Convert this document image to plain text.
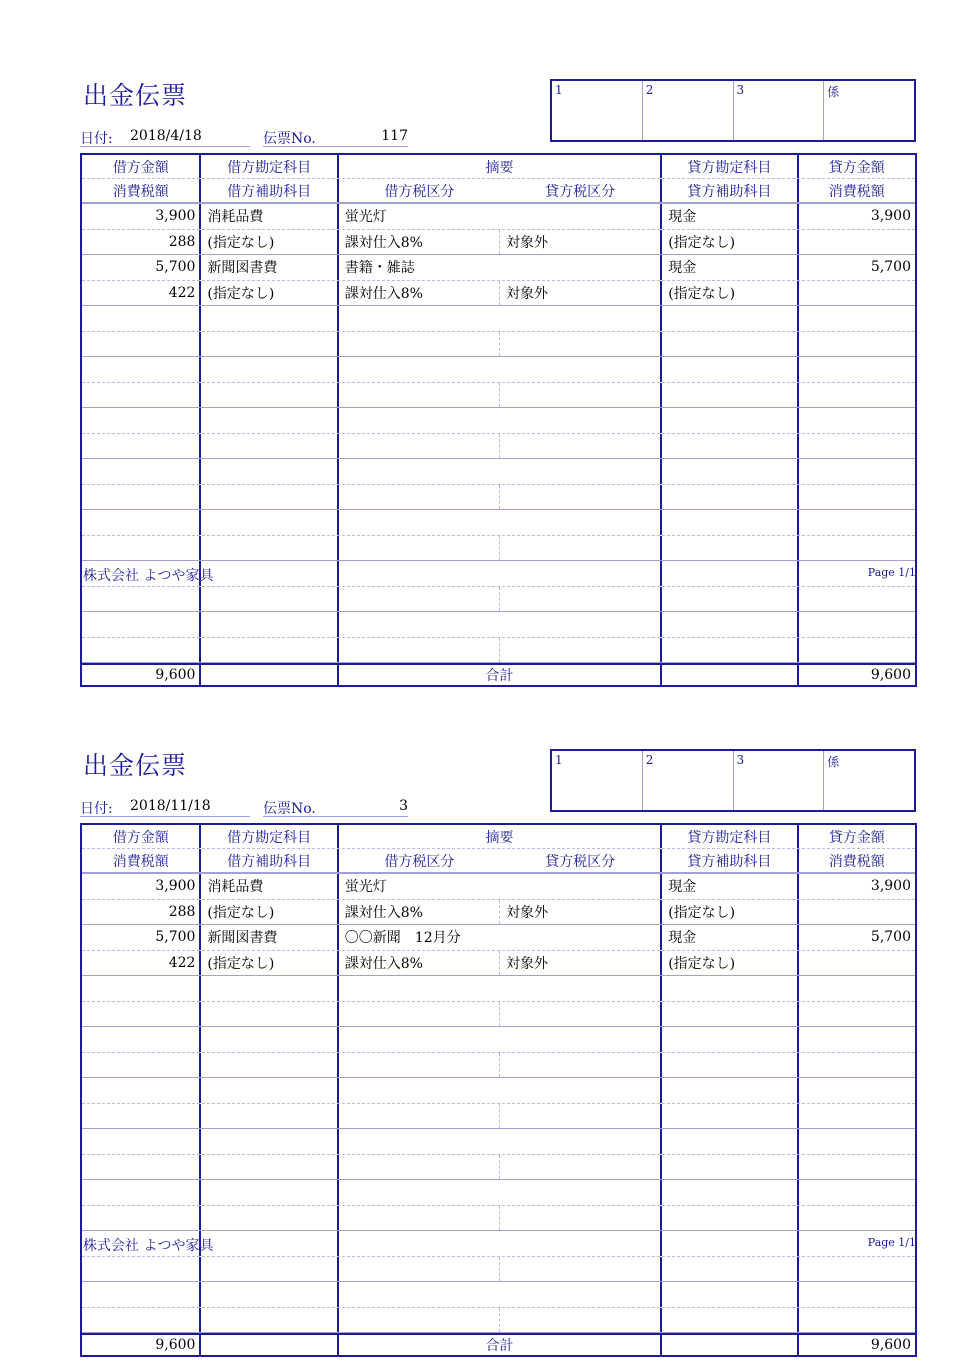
出金伝票	1	2	3	係
日付: 2018/4/18	伝票No.	117
借方金額	借方勘定科目	摘要	貸方勘定科目	貸方金額
消費税額	借方補助科目	借方税区分	貸方税区分	貸方補助科目	消費税額
3,900 消耗品費	蛍光灯	現金	3,900
288 (指定なし)	課対仕入8%	対象外	(指定なし)
5,700 新聞図書費	書籍・雑誌	現金	5,700
422 (指定なし)	課対仕入8%	対象外	(指定なし)
9,600	合計	9,600
株式会社 よつや家具	Page 1/1
出金伝票	1	2	3	係
日付: 2018/11/18	伝票No.	3
借方金額	借方勘定科目	摘要	貸方勘定科目	貸方金額
消費税額	借方補助科目	借方税区分	貸方税区分	貸方補助科目	消費税額
3,900 消耗品費	蛍光灯	現金	3,900
288 (指定なし)	課対仕入8%	対象外	(指定なし)
5,700 新聞図書費	〇〇新聞　12月分	現金	5,700
422 (指定なし)	課対仕入8%	対象外	(指定なし)
9,600	合計	9,600
株式会社 よつや家具	Page 1/1
